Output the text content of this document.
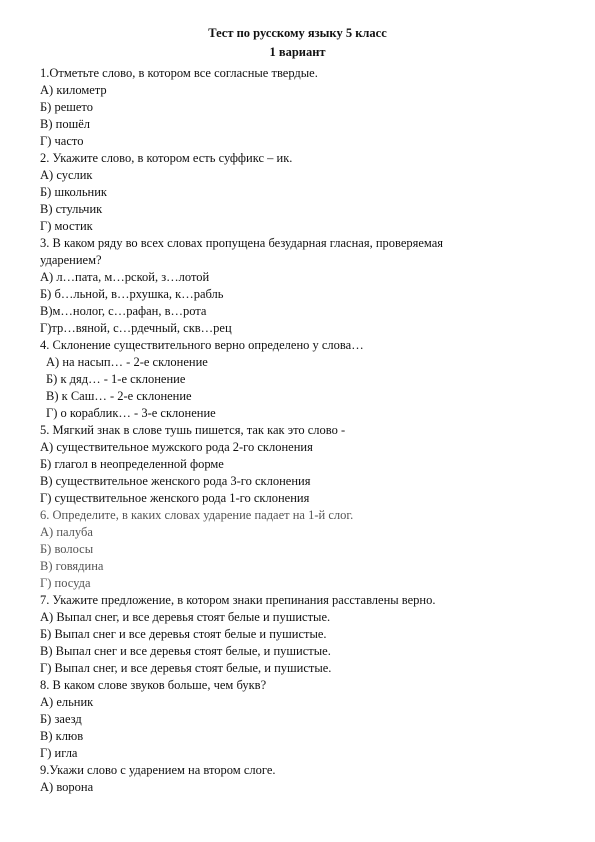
Тест по русскому языку 5 класс
1 вариант
1.Отметьте слово, в котором все согласные твердые.
А) километр
Б) решето
В) пошёл
Г) часто
2. Укажите слово, в котором есть суффикс – ик.
А) суслик
Б) школьник
В) стульчик
Г) мостик
3. В каком ряду во всех словах пропущена безударная гласная, проверяемая
ударением?
А) л…пата, м…рской, з…лотой
Б) б…льной, в…рхушка, к…рабль
В)м…нолог, с…рафан, в…рота
Г)тр…вяной, с…рдечный, скв…рец
4. Склонение существительного верно определено у слова…
А) на насып… - 2-е склонение
Б) к дяд… - 1-е склонение
В) к Саш… - 2-е склонение
Г) о кораблик… - 3-е склонение
5. Мягкий знак в слове тушь пишется, так как это слово -
А) существительное мужского рода 2-го склонения
Б) глагол в неопределенной форме
В) существительное женского рода 3-го склонения
Г) существительное женского рода 1-го склонения
6. Определите, в каких словах ударение падает на 1-й слог.
А) палуба
Б) волосы
В) говядина
Г) посуда
7. Укажите предложение, в котором знаки препинания расставлены верно.
А) Выпал снег, и все деревья стоят белые и пушистые.
Б) Выпал снег и все деревья стоят белые и пушистые.
В) Выпал снег и все деревья стоят белые, и пушистые.
Г) Выпал снег, и все деревья стоят белые, и пушистые.
8. В каком слове звуков больше, чем букв?
А) ельник
Б) заезд
В) клюв
Г) игла
9.Укажи слово с ударением на втором слоге.
А) ворона
